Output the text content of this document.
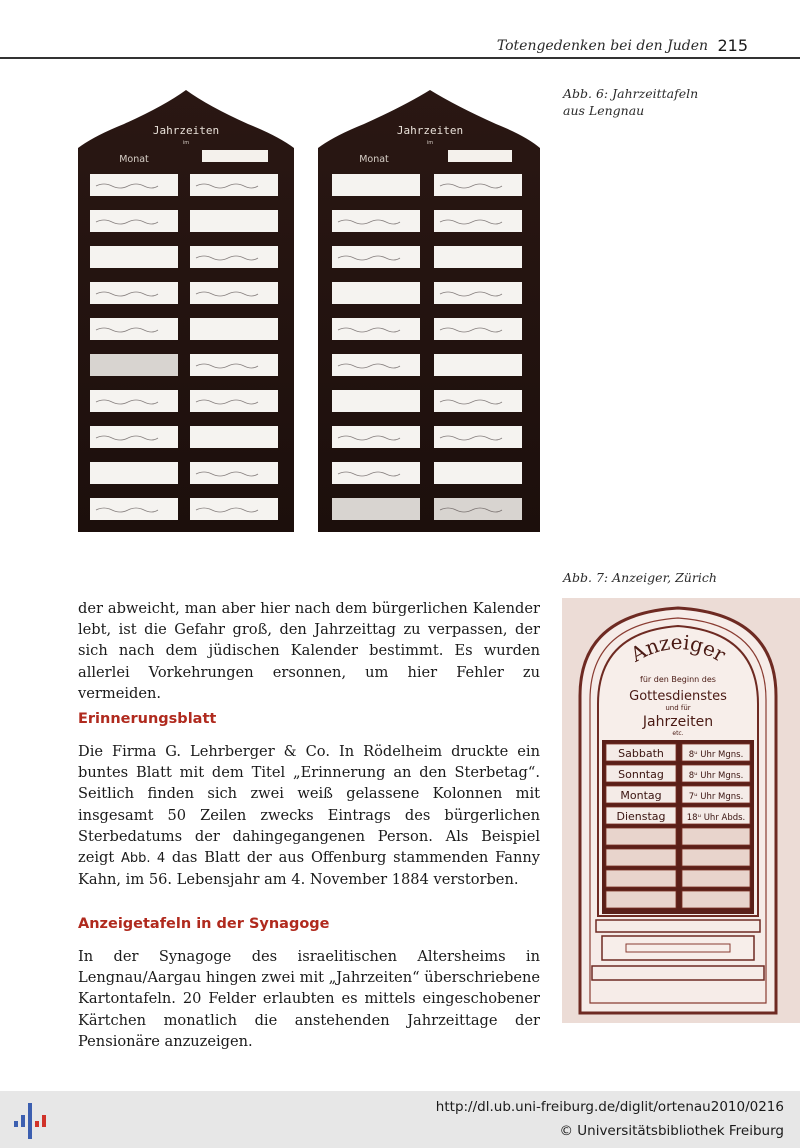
Totengedenken bei den Juden 215
Jahrzeiten
im
Monat
Jahrzeiten
im
Monat
Abb. 6: Jahrzeittafeln
aus Lengnau
Abb. 7: Anzeiger, Zürich
Anzeiger
für den Beginn des
Gottesdienstes
und für
Jahrzeiten
etc.
Sabbath	8ᵘ Uhr Mgns.
Sonntag	8ᵘ Uhr Mgns.
Montag	7ᵘ Uhr Mgns.
Dienstag 18ᵘ Uhr Abds.

der abweicht, man aber hier nach dem bürgerlichen Kalender lebt, ist die Gefahr groß, den Jahrzeittag zu verpassen, der sich nach dem jüdischen Kalender bestimmt. Es wurden allerlei Vorkehrungen ersonnen, um hier Fehler zu vermeiden.

Erinnerungsblatt

Die Firma G. Lehrberger & Co. In Rödelheim druckte ein buntes Blatt mit dem Titel „Erinnerung an den Sterbetag“. Seitlich finden sich zwei weiß gelassene Kolonnen mit insgesamt 50 Zeilen zwecks Eintrags des bürgerlichen Sterbedatums der dahingegangenen Person. Als Beispiel zeigt Abb. 4 das Blatt der aus Offenburg stammenden Fanny Kahn, im 56. Lebensjahr am 4. November 1884 verstorben.

Anzeigetafeln in der Synagoge

In der Synagoge des israelitischen Altersheims in Lengnau/Aargau hingen zwei mit „Jahrzeiten“ überschriebene Kartontafeln. 20 Felder erlaubten es mittels eingeschobener Kärtchen monatlich die anstehenden Jahrzeittage der Pensionäre anzuzeigen.

http://dl.ub.uni-freiburg.de/diglit/ortenau2010/0216
© Universitätsbibliothek Freiburg
